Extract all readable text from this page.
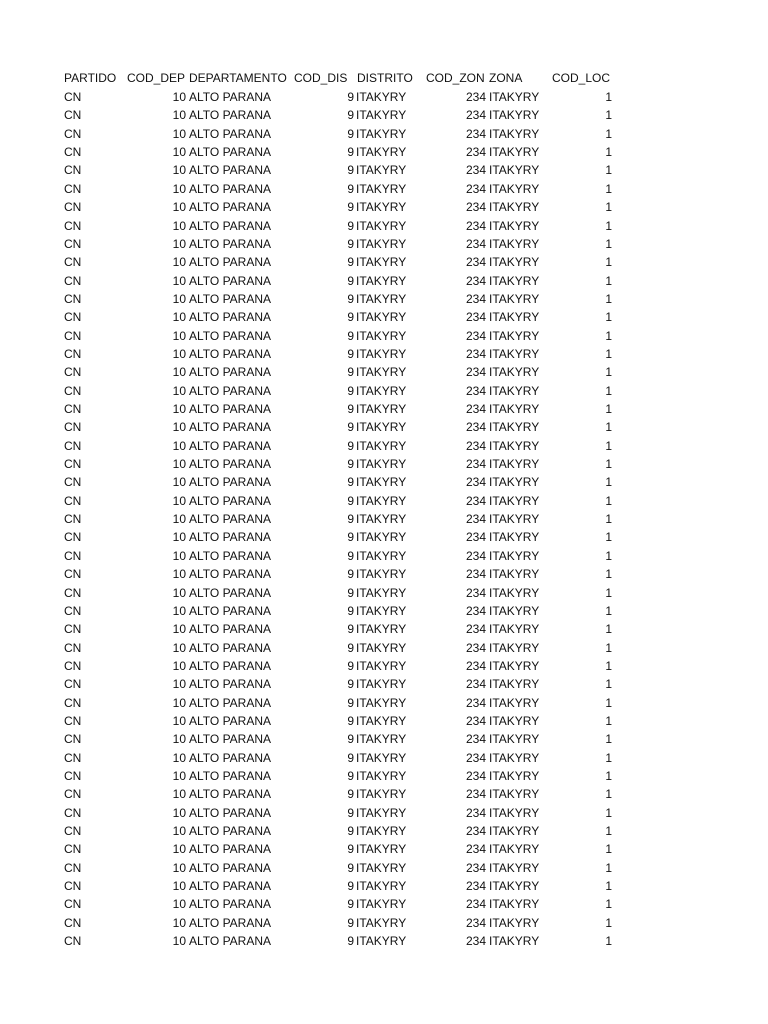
PARTIDO COD_DEP DEPARTAMENTO COD_DIS DISTRITO COD_ZON ZONA COD_LOC
CN	10 ALTO PARANA	9 ITAKYRY	234 ITAKYRY	1
CN	10 ALTO PARANA	9 ITAKYRY	234 ITAKYRY	1
CN	10 ALTO PARANA	9 ITAKYRY	234 ITAKYRY	1
CN	10 ALTO PARANA	9 ITAKYRY	234 ITAKYRY	1
CN	10 ALTO PARANA	9 ITAKYRY	234 ITAKYRY	1
CN	10 ALTO PARANA	9 ITAKYRY	234 ITAKYRY	1
CN	10 ALTO PARANA	9 ITAKYRY	234 ITAKYRY	1
CN	10 ALTO PARANA	9 ITAKYRY	234 ITAKYRY	1
CN	10 ALTO PARANA	9 ITAKYRY	234 ITAKYRY	1
CN	10 ALTO PARANA	9 ITAKYRY	234 ITAKYRY	1
CN	10 ALTO PARANA	9 ITAKYRY	234 ITAKYRY	1
CN	10 ALTO PARANA	9 ITAKYRY	234 ITAKYRY	1
CN	10 ALTO PARANA	9 ITAKYRY	234 ITAKYRY	1
CN	10 ALTO PARANA	9 ITAKYRY	234 ITAKYRY	1
CN	10 ALTO PARANA	9 ITAKYRY	234 ITAKYRY	1
CN	10 ALTO PARANA	9 ITAKYRY	234 ITAKYRY	1
CN	10 ALTO PARANA	9 ITAKYRY	234 ITAKYRY	1
CN	10 ALTO PARANA	9 ITAKYRY	234 ITAKYRY	1
CN	10 ALTO PARANA	9 ITAKYRY	234 ITAKYRY	1
CN	10 ALTO PARANA	9 ITAKYRY	234 ITAKYRY	1
CN	10 ALTO PARANA	9 ITAKYRY	234 ITAKYRY	1
CN	10 ALTO PARANA	9 ITAKYRY	234 ITAKYRY	1
CN	10 ALTO PARANA	9 ITAKYRY	234 ITAKYRY	1
CN	10 ALTO PARANA	9 ITAKYRY	234 ITAKYRY	1
CN	10 ALTO PARANA	9 ITAKYRY	234 ITAKYRY	1
CN	10 ALTO PARANA	9 ITAKYRY	234 ITAKYRY	1
CN	10 ALTO PARANA	9 ITAKYRY	234 ITAKYRY	1
CN	10 ALTO PARANA	9 ITAKYRY	234 ITAKYRY	1
CN	10 ALTO PARANA	9 ITAKYRY	234 ITAKYRY	1
CN	10 ALTO PARANA	9 ITAKYRY	234 ITAKYRY	1
CN	10 ALTO PARANA	9 ITAKYRY	234 ITAKYRY	1
CN	10 ALTO PARANA	9 ITAKYRY	234 ITAKYRY	1
CN	10 ALTO PARANA	9 ITAKYRY	234 ITAKYRY	1
CN	10 ALTO PARANA	9 ITAKYRY	234 ITAKYRY	1
CN	10 ALTO PARANA	9 ITAKYRY	234 ITAKYRY	1
CN	10 ALTO PARANA	9 ITAKYRY	234 ITAKYRY	1
CN	10 ALTO PARANA	9 ITAKYRY	234 ITAKYRY	1
CN	10 ALTO PARANA	9 ITAKYRY	234 ITAKYRY	1
CN	10 ALTO PARANA	9 ITAKYRY	234 ITAKYRY	1
CN	10 ALTO PARANA	9 ITAKYRY	234 ITAKYRY	1
CN	10 ALTO PARANA	9 ITAKYRY	234 ITAKYRY	1
CN	10 ALTO PARANA	9 ITAKYRY	234 ITAKYRY	1
CN	10 ALTO PARANA	9 ITAKYRY	234 ITAKYRY	1
CN	10 ALTO PARANA	9 ITAKYRY	234 ITAKYRY	1
CN	10 ALTO PARANA	9 ITAKYRY	234 ITAKYRY	1
CN	10 ALTO PARANA	9 ITAKYRY	234 ITAKYRY	1
CN	10 ALTO PARANA	9 ITAKYRY	234 ITAKYRY	1
